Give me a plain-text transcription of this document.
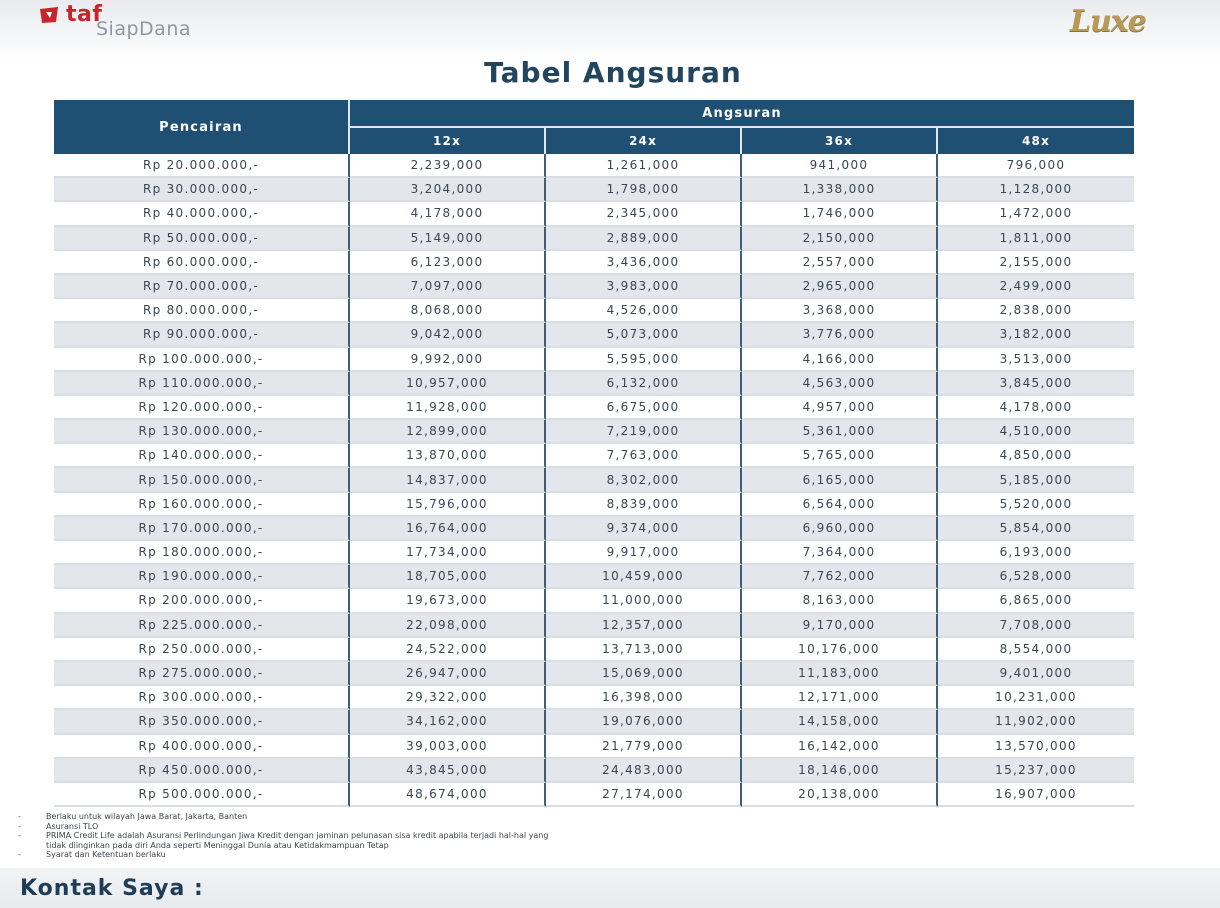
taf
SiapDana	Luxe
Tabel Angsuran
Pencairan	Angsuran			
	12x	24x	36x	48x
Rp 20.000.000,-	2,239,000	1,261,000	941,000	796,000
Rp 30.000.000,-	3,204,000	1,798,000	1,338,000	1,128,000
Rp 40.000.000,-	4,178,000	2,345,000	1,746,000	1,472,000
Rp 50.000.000,-	5,149,000	2,889,000	2,150,000	1,811,000
Rp 60.000.000,-	6,123,000	3,436,000	2,557,000	2,155,000
Rp 70.000.000,-	7,097,000	3,983,000	2,965,000	2,499,000
Rp 80.000.000,-	8,068,000	4,526,000	3,368,000	2,838,000
Rp 90.000.000,-	9,042,000	5,073,000	3,776,000	3,182,000
Rp 100.000.000,-	9,992,000	5,595,000	4,166,000	3,513,000
Rp 110.000.000,-	10,957,000	6,132,000	4,563,000	3,845,000
Rp 120.000.000,-	11,928,000	6,675,000	4,957,000	4,178,000
Rp 130.000.000,-	12,899,000	7,219,000	5,361,000	4,510,000
Rp 140.000.000,-	13,870,000	7,763,000	5,765,000	4,850,000
Rp 150.000.000,-	14,837,000	8,302,000	6,165,000	5,185,000
Rp 160.000.000,-	15,796,000	8,839,000	6,564,000	5,520,000
Rp 170.000.000,-	16,764,000	9,374,000	6,960,000	5,854,000
Rp 180.000.000,-	17,734,000	9,917,000	7,364,000	6,193,000
Rp 190.000.000,-	18,705,000	10,459,000	7,762,000	6,528,000
Rp 200.000.000,-	19,673,000	11,000,000	8,163,000	6,865,000
Rp 225.000.000,-	22,098,000	12,357,000	9,170,000	7,708,000
Rp 250.000.000,-	24,522,000	13,713,000	10,176,000	8,554,000
Rp 275.000.000,-	26,947,000	15,069,000	11,183,000	9,401,000
Rp 300.000.000,-	29,322,000	16,398,000	12,171,000	10,231,000
Rp 350.000.000,-	34,162,000	19,076,000	14,158,000	11,902,000
Rp 400.000.000,-	39,003,000	21,779,000	16,142,000	13,570,000
Rp 450.000.000,-	43,845,000	24,483,000	18,146,000	15,237,000
Rp 500.000.000,-	48,674,000	27,174,000	20,138,000	16,907,000
- Berlaku untuk wilayah Jawa Barat, Jakarta, Banten
- Asuransi TLO
- PRIMA Credit Life adalah Asuransi Perlindungan Jiwa Kredit dengan jaminan pelunasan sisa kredit apabila terjadi hal-hal yang
tidak diinginkan pada diri Anda seperti Meninggal Dunia atau Ketidakmampuan Tetap
- Syarat dan Ketentuan berlaku
Kontak Saya :
